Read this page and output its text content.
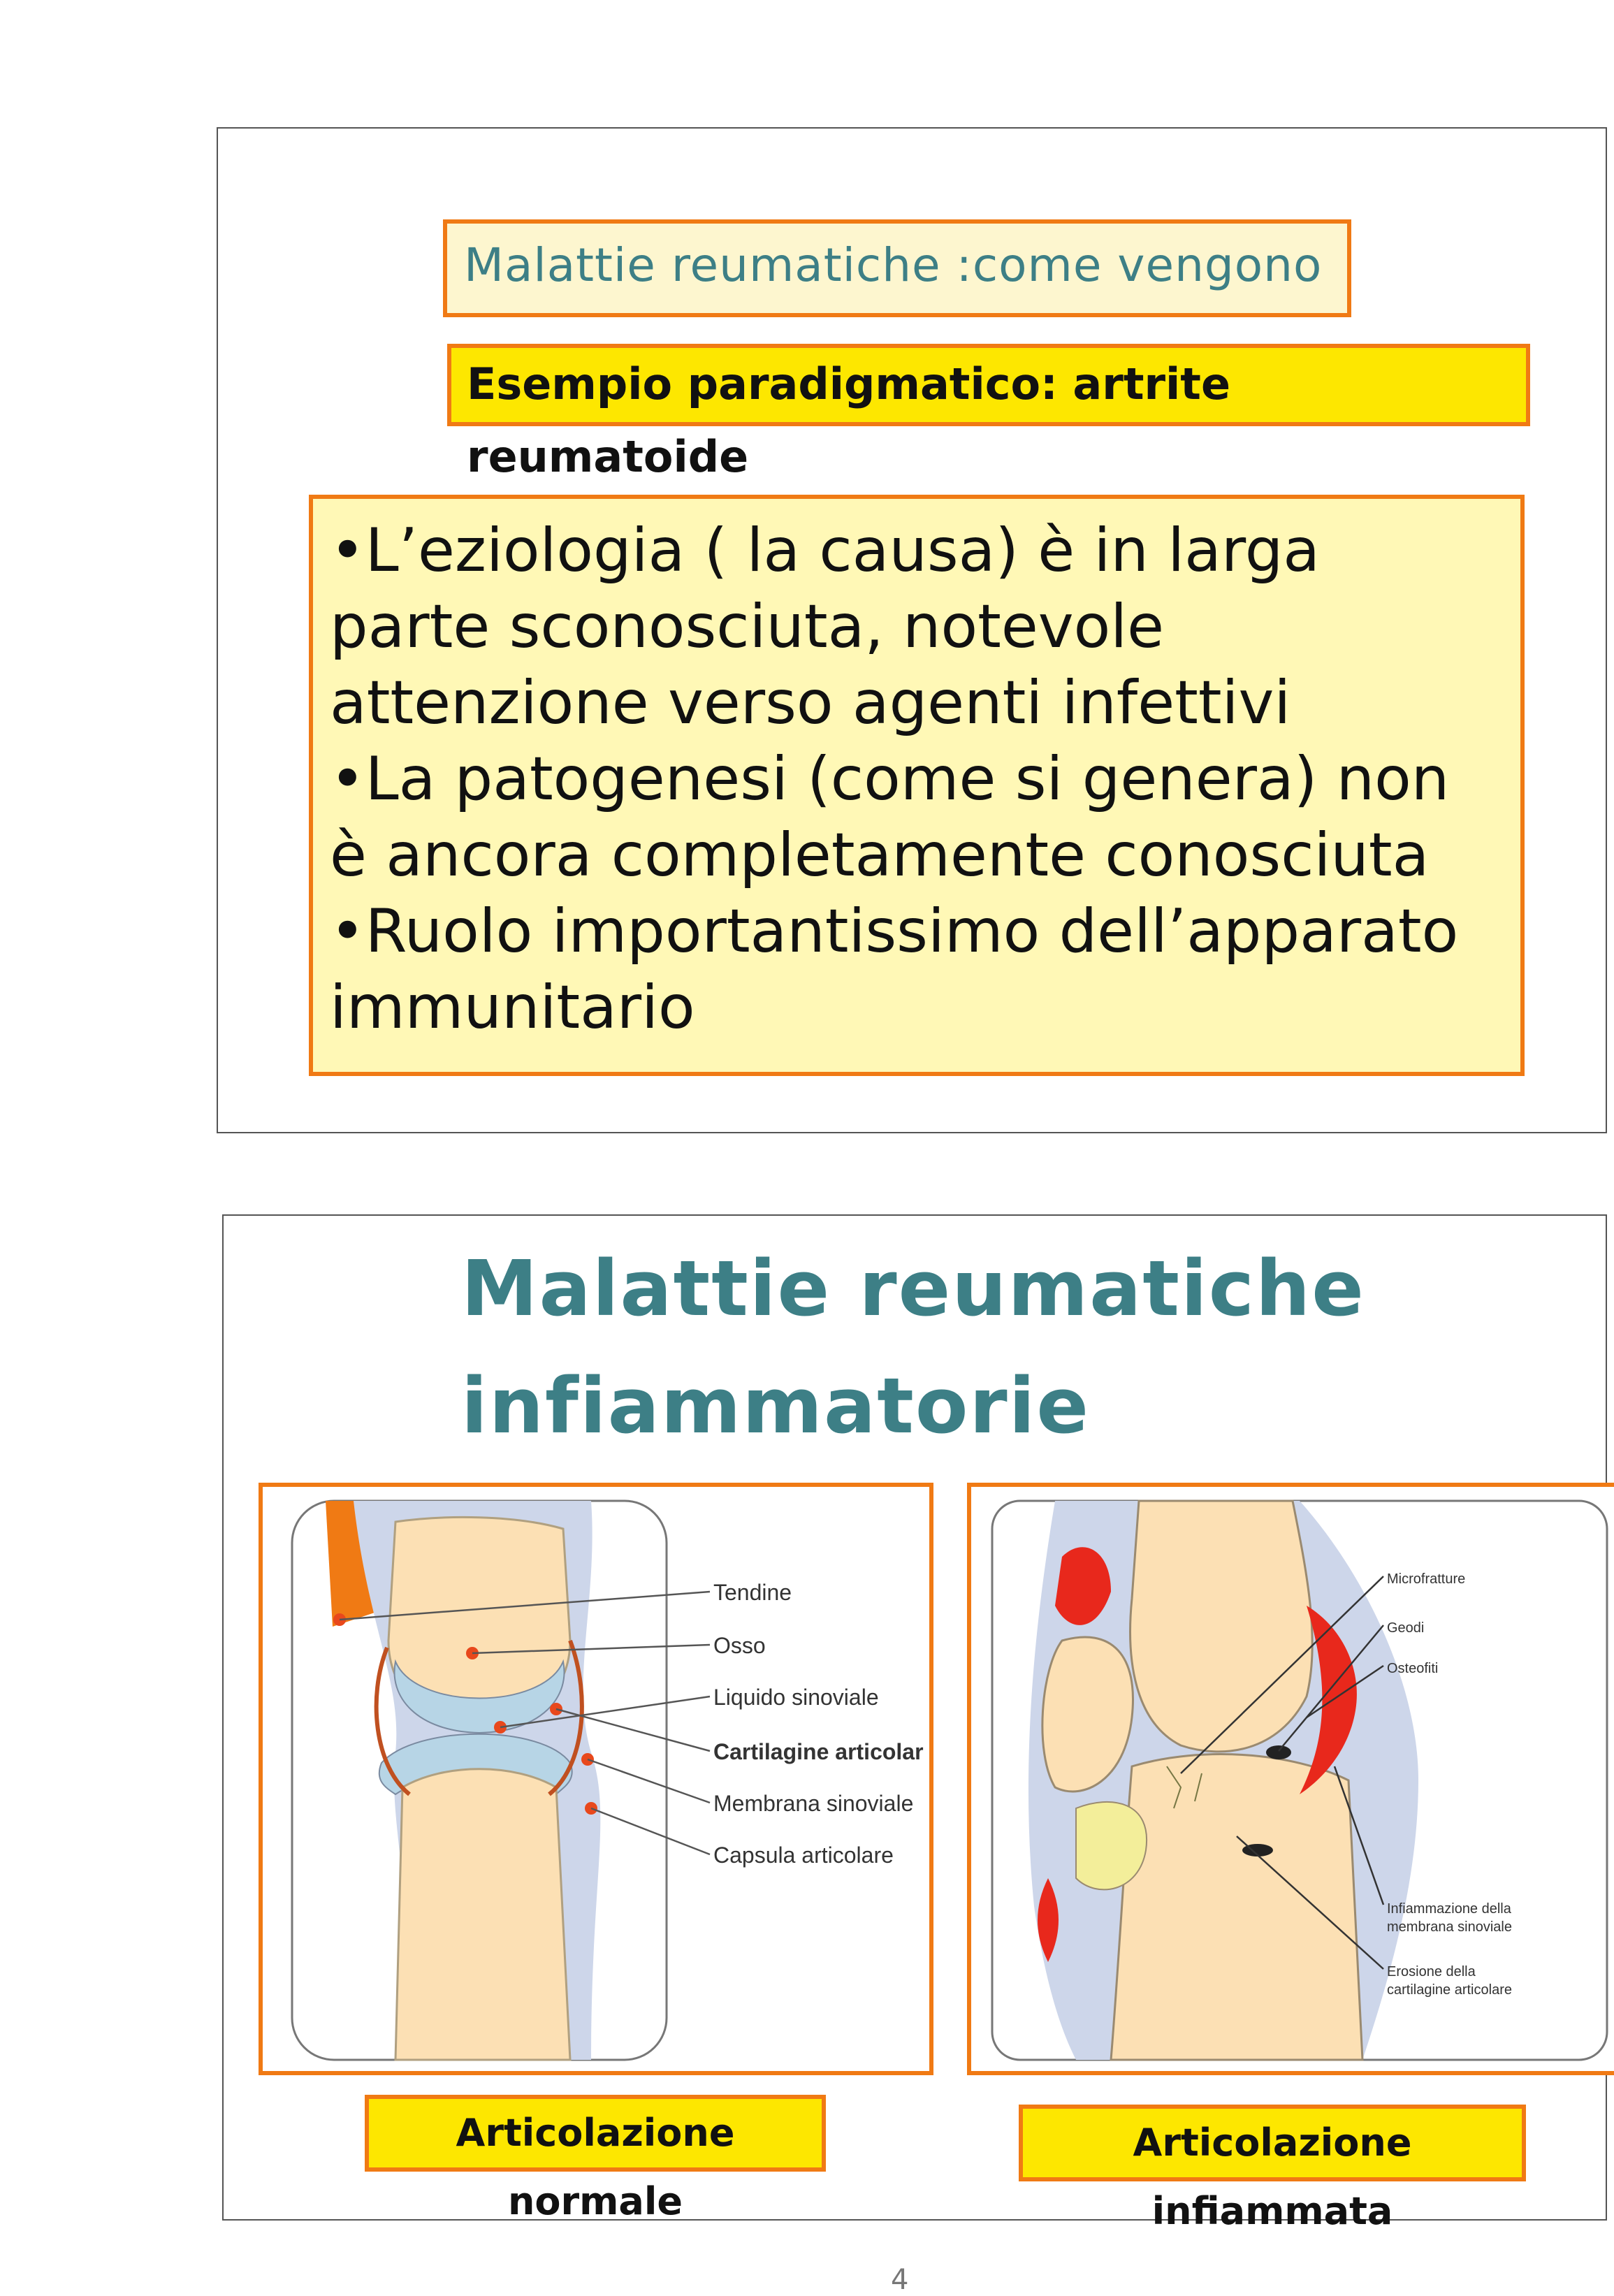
Malattie reumatiche :come vengono
Esempio paradigmatico: artrite reumatoide
•L’eziologia ( la causa) è in larga
parte sconosciuta, notevole
attenzione verso agenti infettivi
•La patogenesi (come si genera) non
è ancora completamente conosciuta
•Ruolo importantissimo dell’apparato
immunitario
Malattie reumatiche
infiammatorie
Tendine
Osso
Liquido sinoviale
Cartilagine articolar
Membrana sinoviale
Capsula articolare
Microfratture
Geodi
Osteofiti
Infiammazione della
membrana sinoviale
Erosione della
cartilagine articolare
Articolazione normale
Articolazione infiammata
4
